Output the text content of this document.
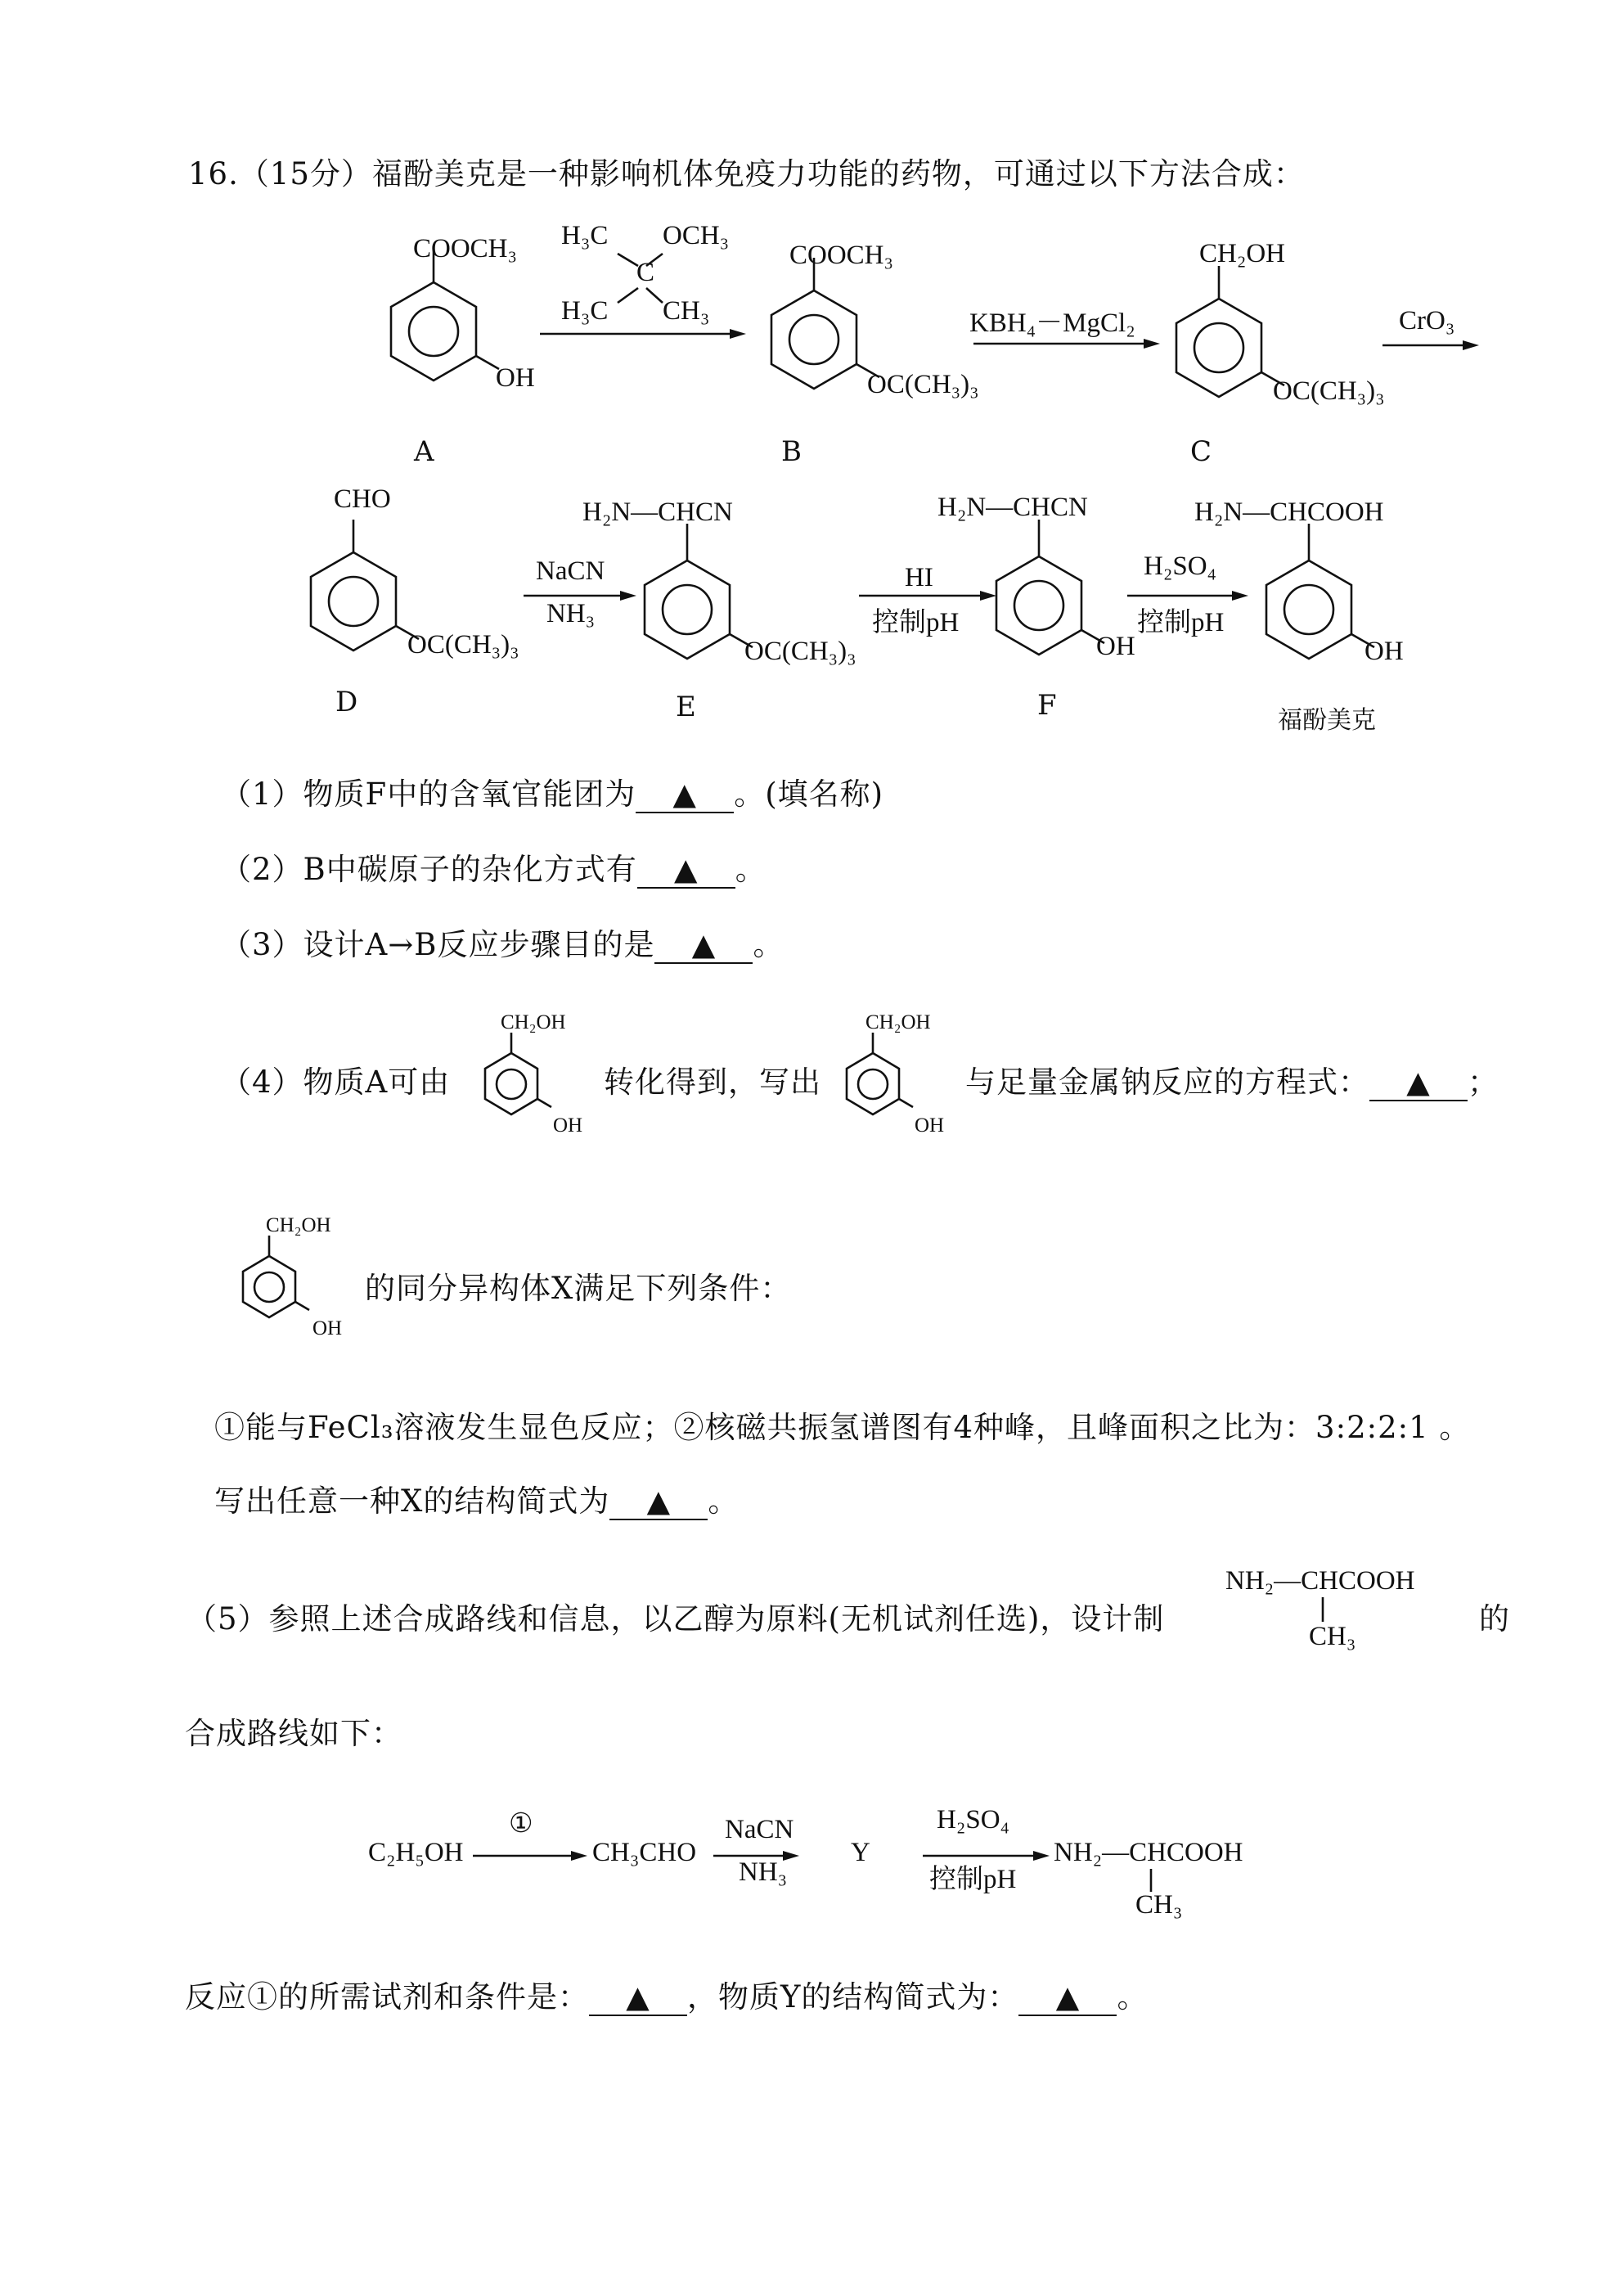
16.（15分）福酚美克是一种影响机体免疫力功能的药物，可通过以下方法合成：
COOCH₃
OH
A
H₃C OCH₃
C
H₃C CH₃
COOCH₃
OC(CH₃)₃
B
KBH₄－MgCl₂
CH₂OH
OC(CH₃)₃
C
CrO₃
CHO
OC(CH₃)₃
D
NaCN
NH₃
H₂N—CHCN
OC(CH₃)₃
E
HI
控制pH
H₂N—CHCN
OH
F
H₂SO₄
控制pH
H₂N—CHCOOH
OH
福酚美克
（1）物质F中的含氧官能团为 ▲ 。(填名称)
（2）B中碳原子的杂化方式有 ▲ 。
（3）设计A→B反应步骤目的是 ▲ 。
（4）物质A可由
CH₂OH
OH
转化得到，写出
CH₂OH
OH
与足量金属钠反应的方程式： ▲ ；
CH₂OH
OH
的同分异构体X满足下列条件：
①能与FeCl₃溶液发生显色反应；②核磁共振氢谱图有4种峰，且峰面积之比为：3:2:2:1 。
写出任意一种X的结构简式为 ▲ 。
（5）参照上述合成路线和信息，以乙醇为原料(无机试剂任选)，设计制
NH₂—CHCOOH
CH₃	的
合成路线如下：
C₂H₅OH
①
CH₃CHO
NaCN
NH₃
Y
H₂SO₄
控制pH
NH₂—CHCOOH
CH₃
反应①的所需试剂和条件是： ▲ ，物质Y的结构简式为： ▲ 。
